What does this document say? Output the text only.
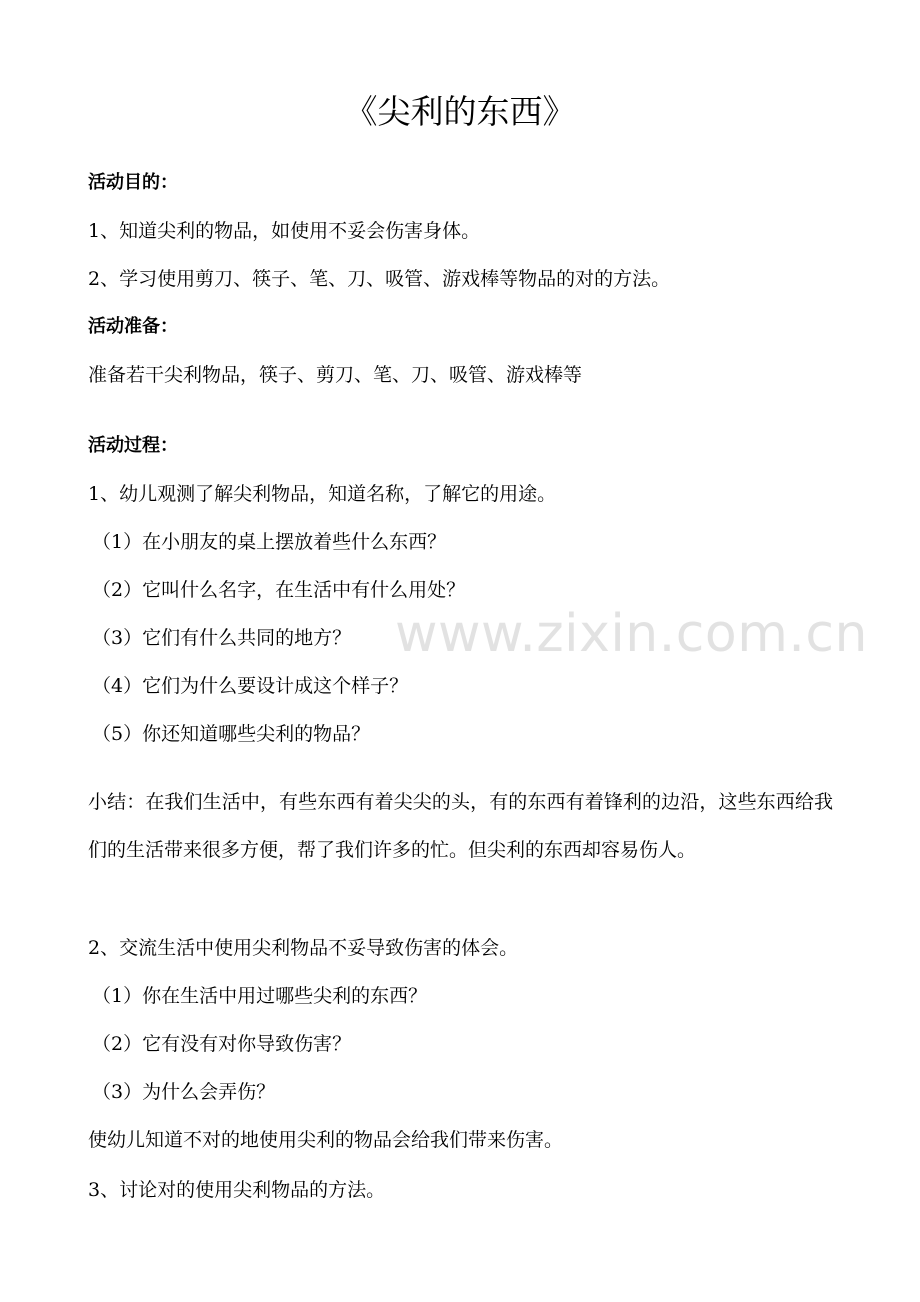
《尖利的东西》
活动目的：
1、知道尖利的物品，如使用不妥会伤害身体。
2、学习使用剪刀、筷子、笔、刀、吸管、游戏棒等物品的对的方法。
活动准备：
准备若干尖利物品，筷子、剪刀、笔、刀、吸管、游戏棒等
活动过程：
1、幼儿观测了解尖利物品，知道名称，了解它的用途。
（1）在小朋友的桌上摆放着些什么东西？
（2）它叫什么名字，在生活中有什么用处？
（3）它们有什么共同的地方？
（4）它们为什么要设计成这个样子？
（5）你还知道哪些尖利的物品？
小结：在我们生活中，有些东西有着尖尖的头，有的东西有着锋利的边沿，这些东西给我们的生活带来很多方便，帮了我们许多的忙。但尖利的东西却容易伤人。
2、交流生活中使用尖利物品不妥导致伤害的体会。
（1）你在生活中用过哪些尖利的东西？
（2）它有没有对你导致伤害？
（3）为什么会弄伤？
使幼儿知道不对的地使用尖利的物品会给我们带来伤害。
3、讨论对的使用尖利物品的方法。
www.zixin.com.cn
